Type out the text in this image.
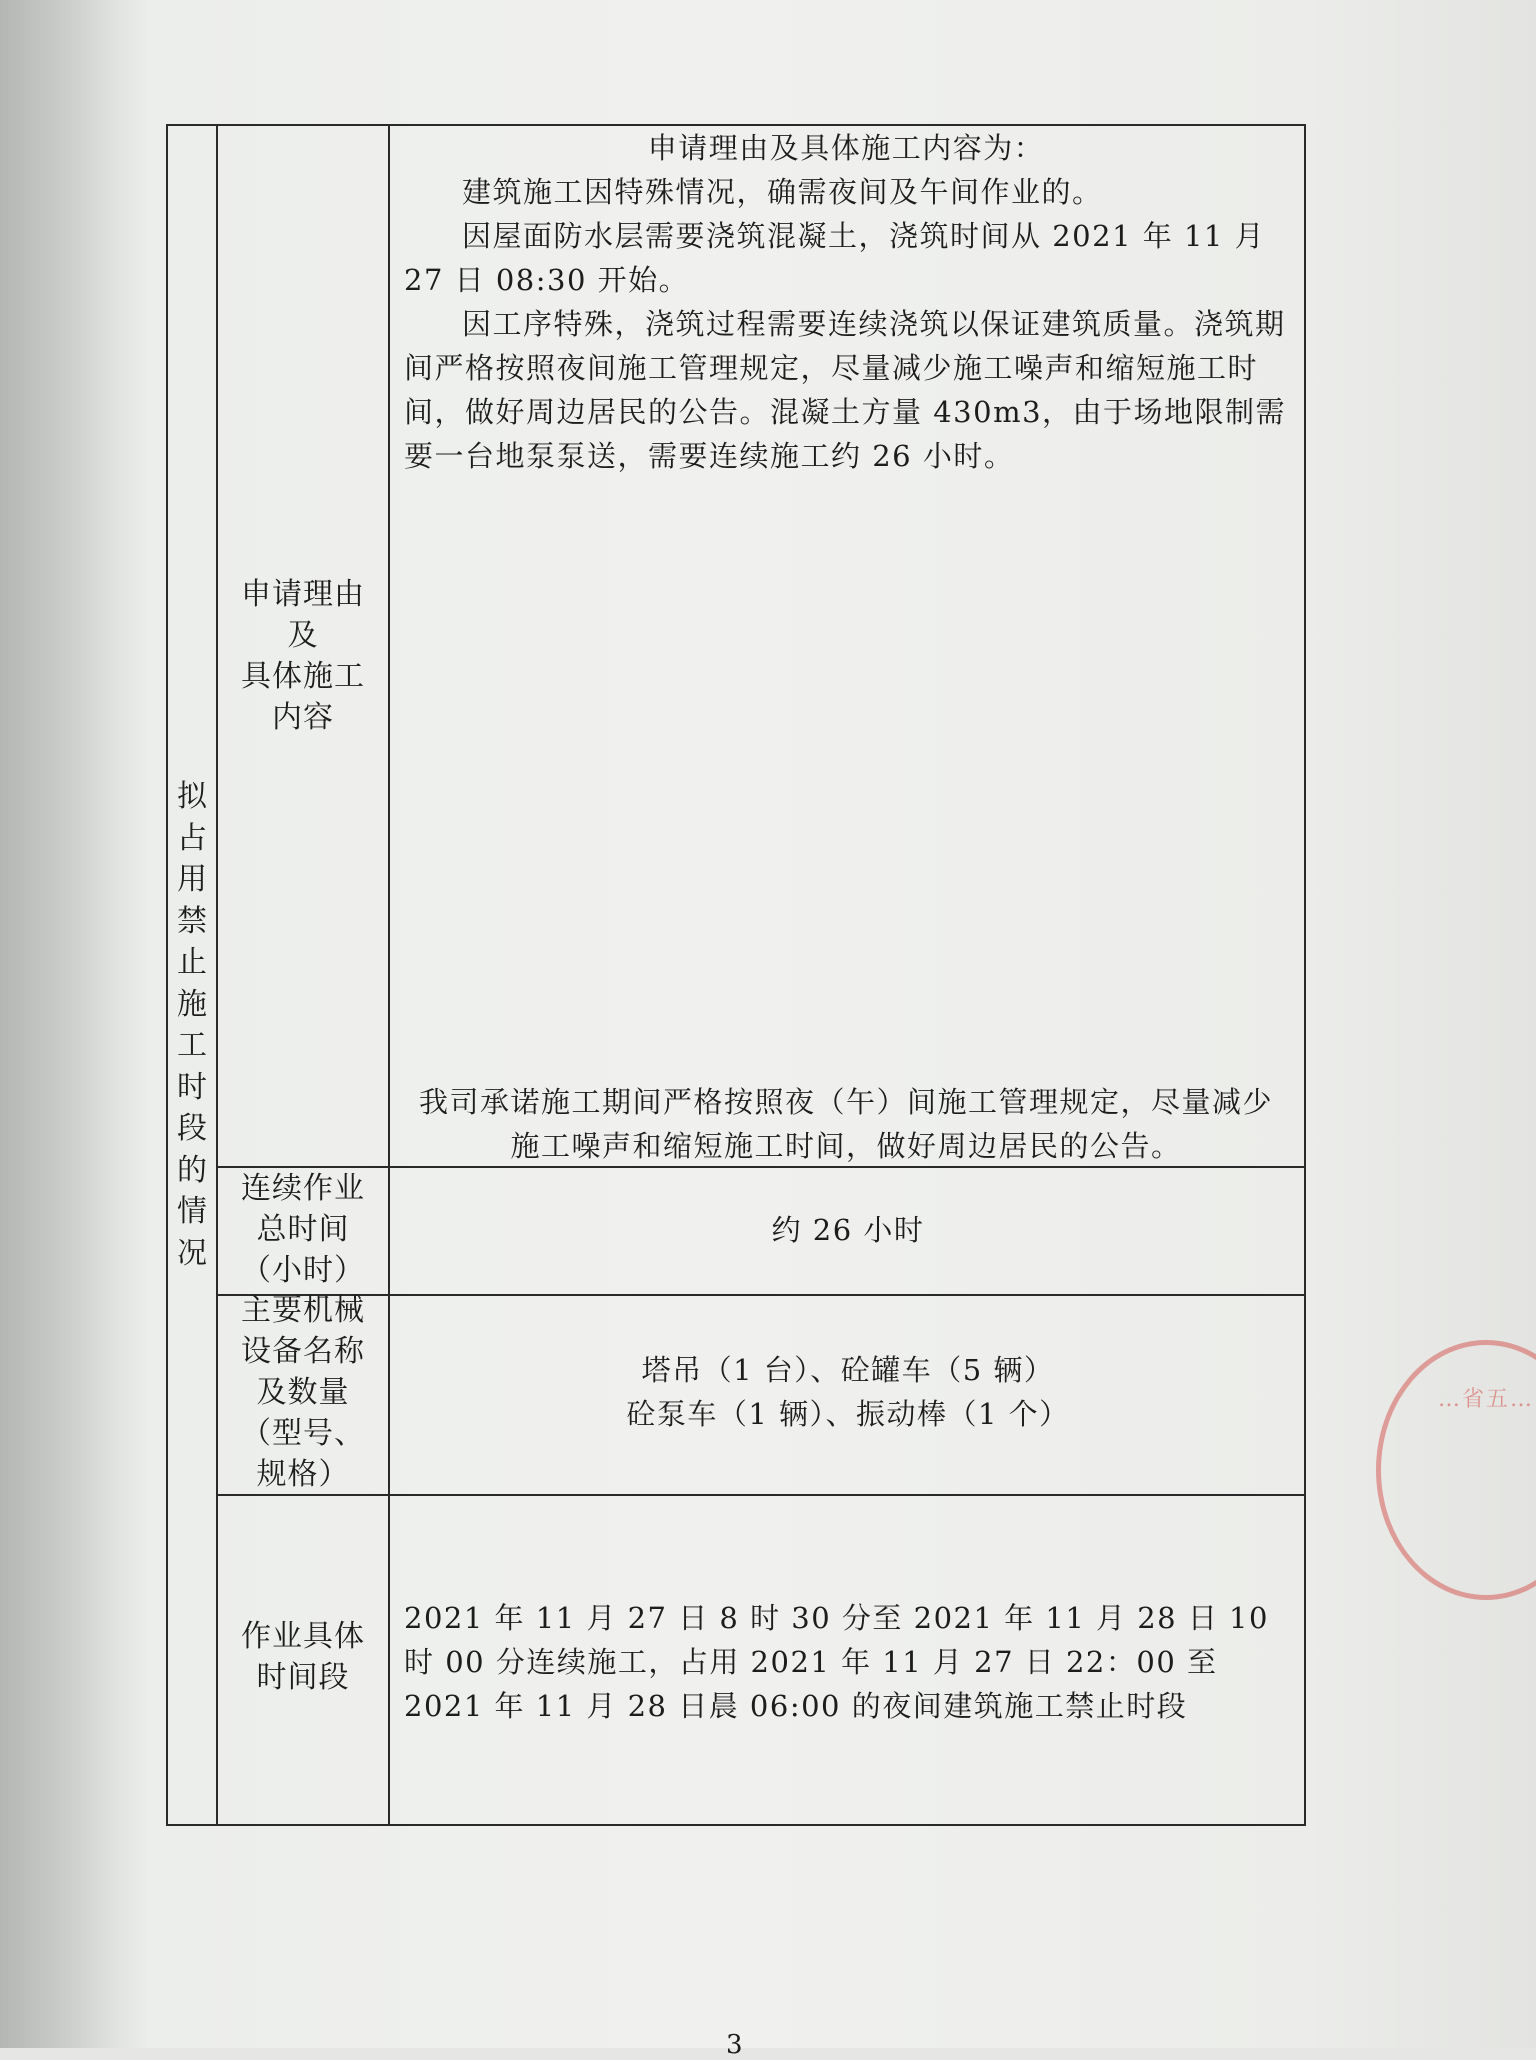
…省五…
拟
占
用
禁
止
施
工
时
段
的
情
况
申请理由
及
具体施工
内容

申请理由及具体施工内容为：

建筑施工因特殊情况，确需夜间及午间作业的。

因屋面防水层需要浇筑混凝土，浇筑时间从 2021 年 11 月 27 日 08:30 开始。

因工序特殊，浇筑过程需要连续浇筑以保证建筑质量。浇筑期间严格按照夜间施工管理规定，尽量减少施工噪声和缩短施工时间，做好周边居民的公告。混凝土方量 430m3，由于场地限制需要一台地泵泵送，需要连续施工约 26 小时。

我司承诺施工期间严格按照夜（午）间施工管理规定，尽量减少

施工噪声和缩短施工时间，做好周边居民的公告。

连续作业
总时间
（小时）
约 26 小时
主要机械
设备名称
及数量
（型号、
规格）

塔吊（1 台）、砼罐车（5 辆）

砼泵车（1 辆）、振动棒（1 个）

作业具体
时间段
2021 年 11 月 27 日 8 时 30 分至 2021 年 11 月 28 日 10 时 00 分连续施工，占用 2021 年 11 月 27 日 22：00 至 2021 年 11 月 28 日晨 06:00 的夜间建筑施工禁止时段
3
